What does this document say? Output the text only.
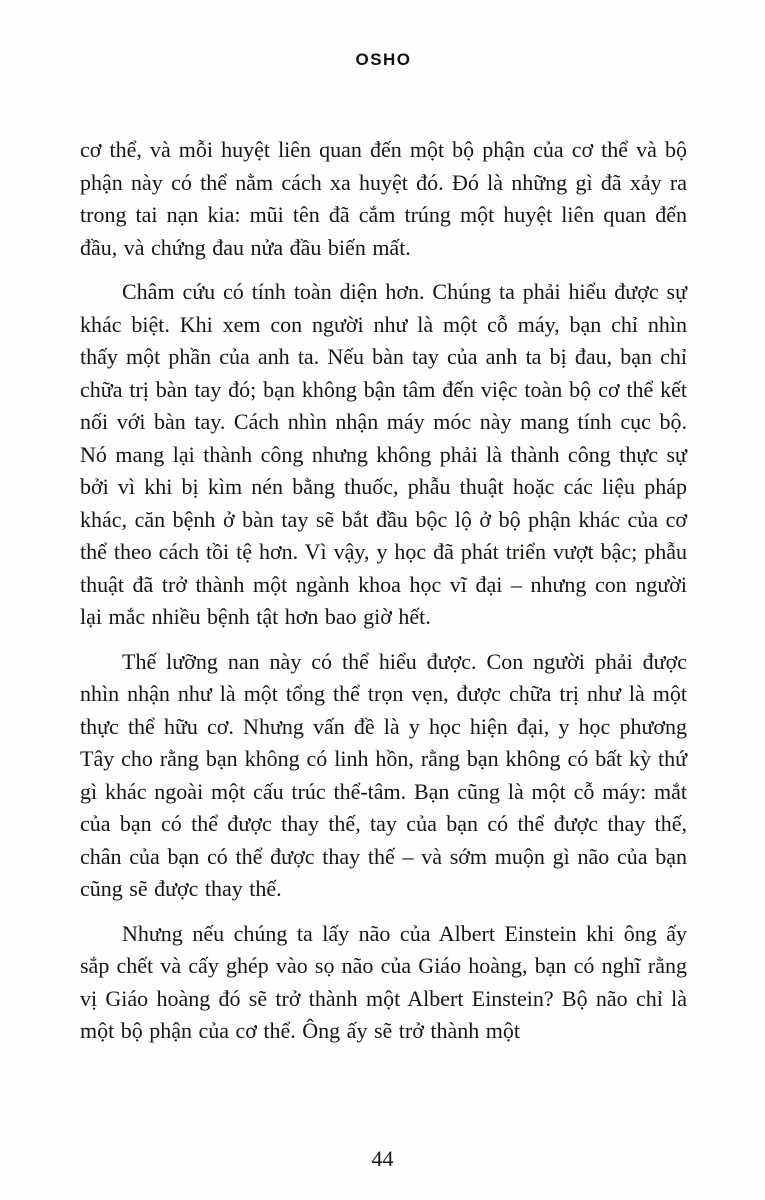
OSHO

cơ thể, và mỗi huyệt liên quan đến một bộ phận của cơ thể và bộ phận này có thể nằm cách xa huyệt đó. Đó là những gì đã xảy ra trong tai nạn kia: mũi tên đã cắm trúng một huyệt liên quan đến đầu, và chứng đau nửa đầu biến mất.

Châm cứu có tính toàn diện hơn. Chúng ta phải hiểu được sự khác biệt. Khi xem con người như là một cỗ máy, bạn chỉ nhìn thấy một phần của anh ta. Nếu bàn tay của anh ta bị đau, bạn chỉ chữa trị bàn tay đó; bạn không bận tâm đến việc toàn bộ cơ thể kết nối với bàn tay. Cách nhìn nhận máy móc này mang tính cục bộ. Nó mang lại thành công nhưng không phải là thành công thực sự bởi vì khi bị kìm nén bằng thuốc, phẫu thuật hoặc các liệu pháp khác, căn bệnh ở bàn tay sẽ bắt đầu bộc lộ ở bộ phận khác của cơ thể theo cách tồi tệ hơn. Vì vậy, y học đã phát triển vượt bậc; phẫu thuật đã trở thành một ngành khoa học vĩ đại – nhưng con người lại mắc nhiều bệnh tật hơn bao giờ hết.

Thế lưỡng nan này có thể hiểu được. Con người phải được nhìn nhận như là một tổng thể trọn vẹn, được chữa trị như là một thực thể hữu cơ. Nhưng vấn đề là y học hiện đại, y học phương Tây cho rằng bạn không có linh hồn, rằng bạn không có bất kỳ thứ gì khác ngoài một cấu trúc thể-tâm. Bạn cũng là một cỗ máy: mắt của bạn có thể được thay thế, tay của bạn có thể được thay thế, chân của bạn có thể được thay thế – và sớm muộn gì não của bạn cũng sẽ được thay thế.

Nhưng nếu chúng ta lấy não của Albert Einstein khi ông ấy sắp chết và cấy ghép vào sọ não của Giáo hoàng, bạn có nghĩ rằng vị Giáo hoàng đó sẽ trở thành một Albert Einstein? Bộ não chỉ là một bộ phận của cơ thể. Ông ấy sẽ trở thành một

44
